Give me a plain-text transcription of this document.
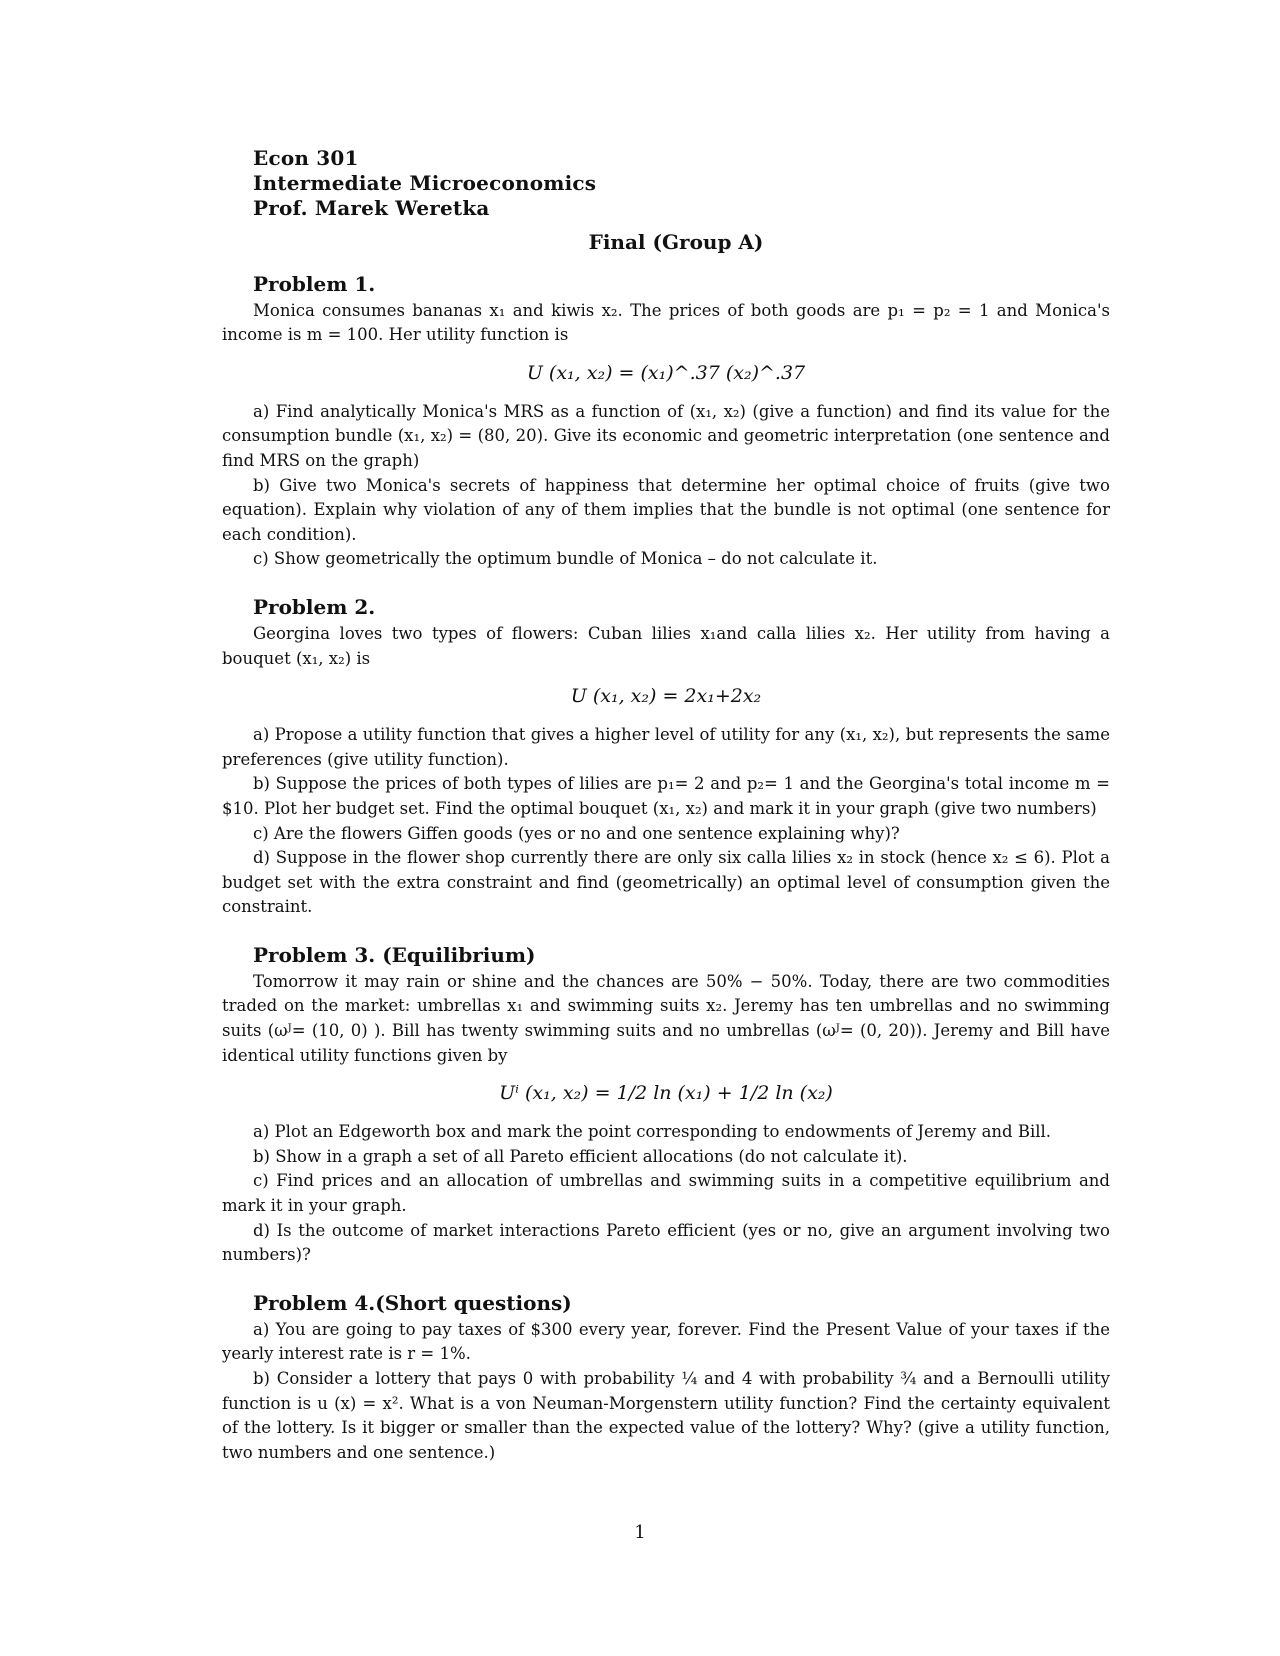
Econ 301
Intermediate Microeconomics
Prof. Marek Weretka
Final (Group A)
Problem 1.

Monica consumes bananas x₁ and kiwis x₂. The prices of both goods are p₁ = p₂ = 1 and Monica's income is m = 100. Her utility function is

U (x₁, x₂) = (x₁)^.37 (x₂)^.37

a) Find analytically Monica's MRS as a function of (x₁, x₂) (give a function) and find its value for the consumption bundle (x₁, x₂) = (80, 20). Give its economic and geometric interpretation (one sentence and find MRS on the graph)

b) Give two Monica's secrets of happiness that determine her optimal choice of fruits (give two equation). Explain why violation of any of them implies that the bundle is not optimal (one sentence for each condition).

c) Show geometrically the optimum bundle of Monica – do not calculate it.

Problem 2.

Georgina loves two types of flowers: Cuban lilies x₁and calla lilies x₂. Her utility from having a bouquet (x₁, x₂) is

U (x₁, x₂) = 2x₁+2x₂

a) Propose a utility function that gives a higher level of utility for any (x₁, x₂), but represents the same preferences (give utility function).

b) Suppose the prices of both types of lilies are p₁= 2 and p₂= 1 and the Georgina's total income m = $10. Plot her budget set. Find the optimal bouquet (x₁, x₂) and mark it in your graph (give two numbers)

c) Are the flowers Giffen goods (yes or no and one sentence explaining why)?

d) Suppose in the flower shop currently there are only six calla lilies x₂ in stock (hence x₂ ≤ 6). Plot a budget set with the extra constraint and find (geometrically) an optimal level of consumption given the constraint.

Problem 3. (Equilibrium)

Tomorrow it may rain or shine and the chances are 50% − 50%. Today, there are two commodities traded on the market: umbrellas x₁ and swimming suits x₂. Jeremy has ten umbrellas and no swimming suits (ωᴶ= (10, 0) ). Bill has twenty swimming suits and no umbrellas (ωᴶ= (0, 20)). Jeremy and Bill have identical utility functions given by

Uⁱ (x₁, x₂) = 1/2 ln (x₁) + 1/2 ln (x₂)

a) Plot an Edgeworth box and mark the point corresponding to endowments of Jeremy and Bill.

b) Show in a graph a set of all Pareto efficient allocations (do not calculate it).

c) Find prices and an allocation of umbrellas and swimming suits in a competitive equilibrium and mark it in your graph.

d) Is the outcome of market interactions Pareto efficient (yes or no, give an argument involving two numbers)?

Problem 4.(Short questions)

a) You are going to pay taxes of $300 every year, forever. Find the Present Value of your taxes if the yearly interest rate is r = 1%.

b) Consider a lottery that pays 0 with probability ¼ and 4 with probability ¾ and a Bernoulli utility function is u (x) = x². What is a von Neuman-Morgenstern utility function? Find the certainty equivalent of the lottery. Is it bigger or smaller than the expected value of the lottery? Why? (give a utility function, two numbers and one sentence.)

1
